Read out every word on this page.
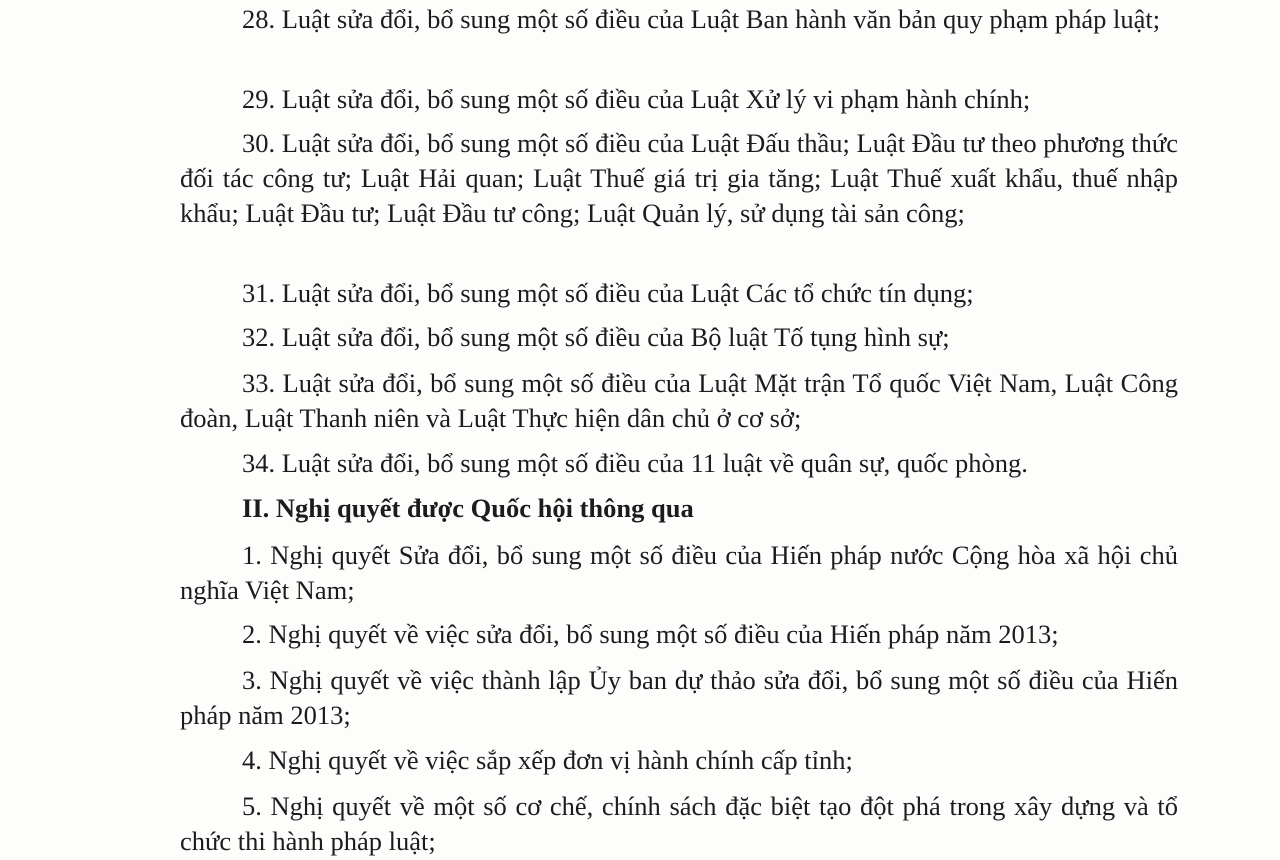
28. Luật sửa đổi, bổ sung một số điều của Luật Ban hành văn bản quy phạm pháp luật;

29. Luật sửa đổi, bổ sung một số điều của Luật Xử lý vi phạm hành chính;

30. Luật sửa đổi, bổ sung một số điều của Luật Đấu thầu; Luật Đầu tư theo phương thức đối tác công tư; Luật Hải quan; Luật Thuế giá trị gia tăng; Luật Thuế xuất khẩu, thuế nhập khẩu; Luật Đầu tư; Luật Đầu tư công; Luật Quản lý, sử dụng tài sản công;

31. Luật sửa đổi, bổ sung một số điều của Luật Các tổ chức tín dụng;

32. Luật sửa đổi, bổ sung một số điều của Bộ luật Tố tụng hình sự;

33. Luật sửa đổi, bổ sung một số điều của Luật Mặt trận Tổ quốc Việt Nam, Luật Công đoàn, Luật Thanh niên và Luật Thực hiện dân chủ ở cơ sở;

34. Luật sửa đổi, bổ sung một số điều của 11 luật về quân sự, quốc phòng.

II. Nghị quyết được Quốc hội thông qua

1. Nghị quyết Sửa đổi, bổ sung một số điều của Hiến pháp nước Cộng hòa xã hội chủ nghĩa Việt Nam;

2. Nghị quyết về việc sửa đổi, bổ sung một số điều của Hiến pháp năm 2013;

3. Nghị quyết về việc thành lập Ủy ban dự thảo sửa đổi, bổ sung một số điều của Hiến pháp năm 2013;

4. Nghị quyết về việc sắp xếp đơn vị hành chính cấp tỉnh;

5. Nghị quyết về một số cơ chế, chính sách đặc biệt tạo đột phá trong xây dựng và tổ chức thi hành pháp luật;
